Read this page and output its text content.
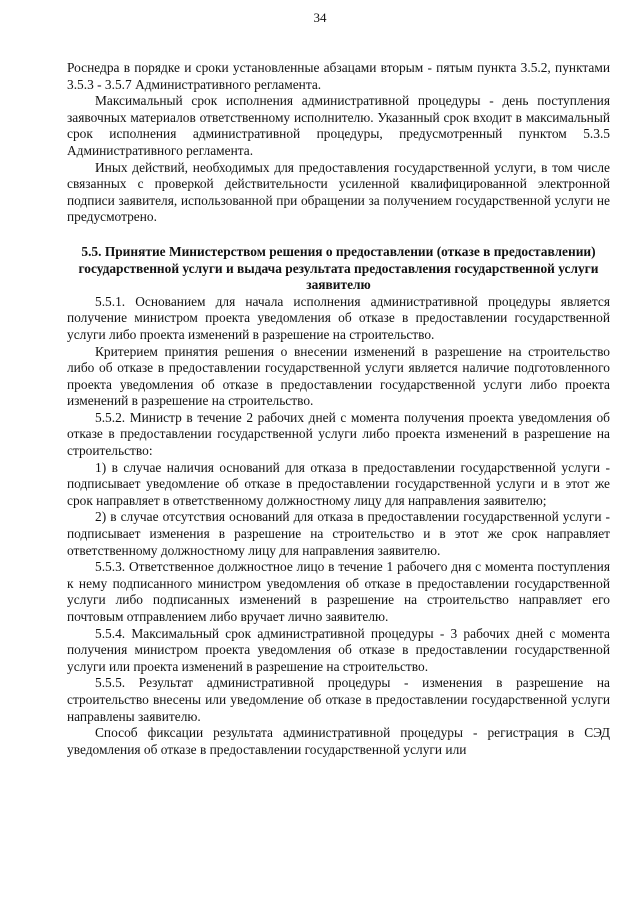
34

Роснедра в порядке и сроки установленные абзацами вторым - пятым пункта 3.5.2, пунктами 3.5.3 - 3.5.7 Административного регламента.

Максимальный срок исполнения административной процедуры - день поступления заявочных материалов ответственному исполнителю. Указанный срок входит в максимальный срок исполнения административной процедуры, предусмотренный пунктом 5.3.5 Административного регламента.

Иных действий, необходимых для предоставления государственной услуги, в том числе связанных с проверкой действительности усиленной квалифицированной электронной подписи заявителя, использованной при обращении за получением государственной услуги не предусмотрено.

5.5. Принятие Министерством решения о предоставлении (отказе в предоставлении) государственной услуги и выдача результата предоставления государственной услуги заявителю

5.5.1. Основанием для начала исполнения административной процедуры является получение министром проекта уведомления об отказе в предоставлении государственной услуги либо проекта изменений в разрешение на строительство.

Критерием принятия решения о внесении изменений в разрешение на строительство либо об отказе в предоставлении государственной услуги является наличие подготовленного проекта уведомления об отказе в предоставлении государственной услуги либо проекта изменений в разрешение на строительство.

5.5.2. Министр в течение 2 рабочих дней с момента получения проекта уведомления об отказе в предоставлении государственной услуги либо проекта изменений в разрешение на строительство:

1) в случае наличия оснований для отказа в предоставлении государственной услуги - подписывает уведомление об отказе в предоставлении государственной услуги и в этот же срок направляет в ответственному должностному лицу для направления заявителю;

2) в случае отсутствия оснований для отказа в предоставлении государственной услуги - подписывает изменения в разрешение на строительство и в этот же срок направляет ответственному должностному лицу для направления заявителю.

5.5.3. Ответственное должностное лицо в течение 1 рабочего дня с момента поступления к нему подписанного министром уведомления об отказе в предоставлении государственной услуги либо подписанных изменений в разрешение на строительство направляет его почтовым отправлением либо вручает лично заявителю.

5.5.4. Максимальный срок административной процедуры - 3 рабочих дней с момента получения министром проекта уведомления об отказе в предоставлении государственной услуги или проекта изменений в разрешение на строительство.

5.5.5. Результат административной процедуры - изменения в разрешение на строительство внесены или уведомление об отказе в предоставлении государственной услуги направлены заявителю.

Способ фиксации результата административной процедуры - регистрация в СЭД уведомления об отказе в предоставлении государственной услуги или
